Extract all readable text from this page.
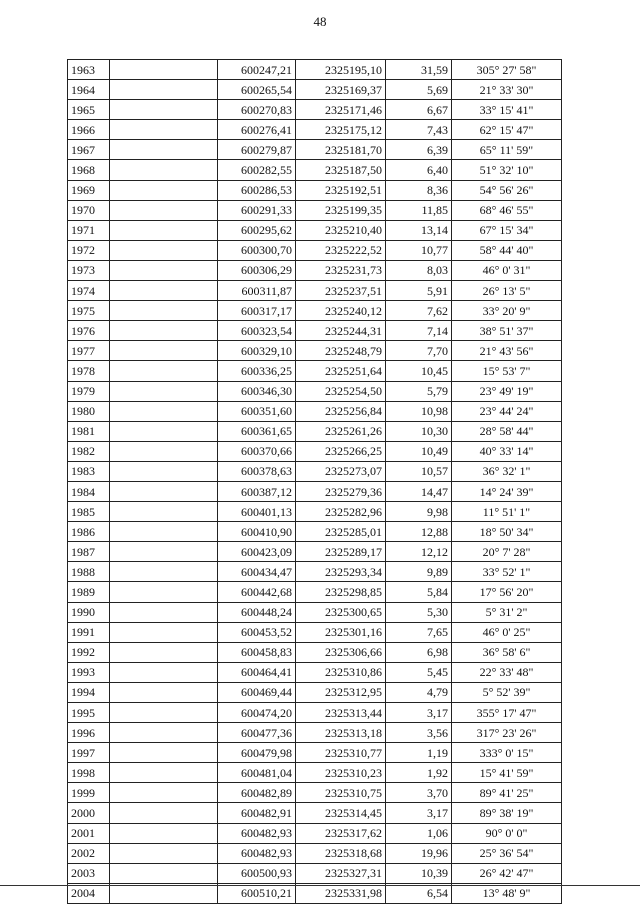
48
1963		600247,21	2325195,10	31,59	305° 27' 58"
1964		600265,54	2325169,37	5,69	21° 33' 30"
1965		600270,83	2325171,46	6,67	33° 15' 41"
1966		600276,41	2325175,12	7,43	62° 15' 47"
1967		600279,87	2325181,70	6,39	65° 11' 59"
1968		600282,55	2325187,50	6,40	51° 32' 10"
1969		600286,53	2325192,51	8,36	54° 56' 26"
1970		600291,33	2325199,35	11,85	68° 46' 55"
1971		600295,62	2325210,40	13,14	67° 15' 34"
1972		600300,70	2325222,52	10,77	58° 44' 40"
1973		600306,29	2325231,73	8,03	46° 0' 31"
1974		600311,87	2325237,51	5,91	26° 13' 5"
1975		600317,17	2325240,12	7,62	33° 20' 9"
1976		600323,54	2325244,31	7,14	38° 51' 37"
1977		600329,10	2325248,79	7,70	21° 43' 56"
1978		600336,25	2325251,64	10,45	15° 53' 7"
1979		600346,30	2325254,50	5,79	23° 49' 19"
1980		600351,60	2325256,84	10,98	23° 44' 24"
1981		600361,65	2325261,26	10,30	28° 58' 44"
1982		600370,66	2325266,25	10,49	40° 33' 14"
1983		600378,63	2325273,07	10,57	36° 32' 1"
1984		600387,12	2325279,36	14,47	14° 24' 39"
1985		600401,13	2325282,96	9,98	11° 51' 1"
1986		600410,90	2325285,01	12,88	18° 50' 34"
1987		600423,09	2325289,17	12,12	20° 7' 28"
1988		600434,47	2325293,34	9,89	33° 52' 1"
1989		600442,68	2325298,85	5,84	17° 56' 20"
1990		600448,24	2325300,65	5,30	5° 31' 2"
1991		600453,52	2325301,16	7,65	46° 0' 25"
1992		600458,83	2325306,66	6,98	36° 58' 6"
1993		600464,41	2325310,86	5,45	22° 33' 48"
1994		600469,44	2325312,95	4,79	5° 52' 39"
1995		600474,20	2325313,44	3,17	355° 17' 47"
1996		600477,36	2325313,18	3,56	317° 23' 26"
1997		600479,98	2325310,77	1,19	333° 0' 15"
1998		600481,04	2325310,23	1,92	15° 41' 59"
1999		600482,89	2325310,75	3,70	89° 41' 25"
2000		600482,91	2325314,45	3,17	89° 38' 19"
2001		600482,93	2325317,62	1,06	90° 0' 0"
2002		600482,93	2325318,68	19,96	25° 36' 54"
2003		600500,93	2325327,31	10,39	26° 42' 47"
2004		600510,21	2325331,98	6,54	13° 48' 9"
